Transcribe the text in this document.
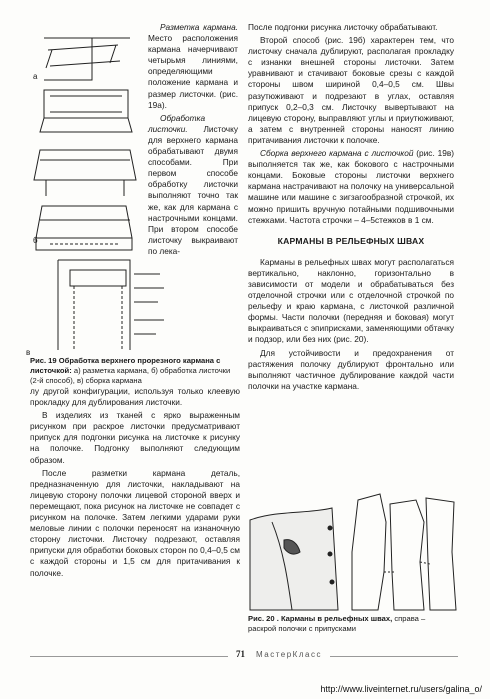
а
б
в

Разметка кармана. Место расположения кармана начерчивают четырьмя линиями, определяющими положение кармана и размер листочки. (рис. 19а).

Обработка листочки. Листочку для верхнего кармана обрабатывают двумя способами. При первом способе обработку листочки выполняют точно так же, как для кармана с настрочными концами. При втором способе листочку выкраивают по лека-

Рис. 19 Обработка верхнего прорезного кармана с листочкой: а) разметка кармана, б) обработка листочки (2-й способ), в) сборка кармана

лу другой конфигурации, используя только клеевую прокладку для дублирования листочки.

В изделиях из тканей с ярко выраженным рисунком при раскрое листочки предусматривают припуск для подгонки рисунка на листочке к рисунку на полочке. Подгонку выполняют следующим образом.

После разметки кармана деталь, предназначенную для листочки, накладывают на лицевую сторону полочки лицевой стороной вверх и перемещают, пока рисунок на листочке не совпадет с рисунком на полочке. Затем легкими ударами руки меловые линии с полочки переносят на изнаночную сторону листочки. Листочку подрезают, оставляя припуски для обработки боковых сторон по 0,4–0,5 см с каждой стороны и 1,5 см для притачивания к полочке.

После подгонки рисунка листочку обрабатывают.

Второй способ (рис. 19б) характерен тем, что листочку сначала дублируют, располагая прокладку с изнанки внешней стороны листочки. Затем уравнивают и стачивают боковые срезы с каждой стороны швом шириной 0,4–0,5 см. Швы разутюживают и подрезают в углах, оставляя припуск 0,2–0,3 см. Листочку вывертывают на лицевую сторону, выправляют углы и приутюживают, а затем с внутренней стороны наносят линию притачивания листочки к полочке.

Сборка верхнего кармана с листочкой (рис. 19в) выполняется так же, как бокового с настрочными концами. Боковые стороны листочки верхнего кармана настрачивают на полочку на универсальной машине или машине с зигзагообразной строчкой, их можно пришить вручную потайными подшивочными стежками. Частота строчки – 4–5стежков в 1 см.

КАРМАНЫ В РЕЛЬЕФНЫХ ШВАХ

Карманы в рельефных швах могут располагаться вертикально, наклонно, горизонтально в зависимости от модели и обрабатываться без отделочной строчки или с отделочной строчкой по рельефу и краю кармана, с листочкой различной формы. Части полочки (передняя и боковая) могут выкраиваться с эпиприсками, заменяющими обтачку и подзор, или без них (рис. 20).

Для устойчивости и предохранения от растяжения полочку дублируют фронтально или выполняют частичное дублирование каждой части полочки на участке кармана.

Рис. 20 . Карманы в рельефных швах, справа – раскрой полочки с припусками
71 МастерКласс
http://www.liveinternet.ru/users/galina_o/
